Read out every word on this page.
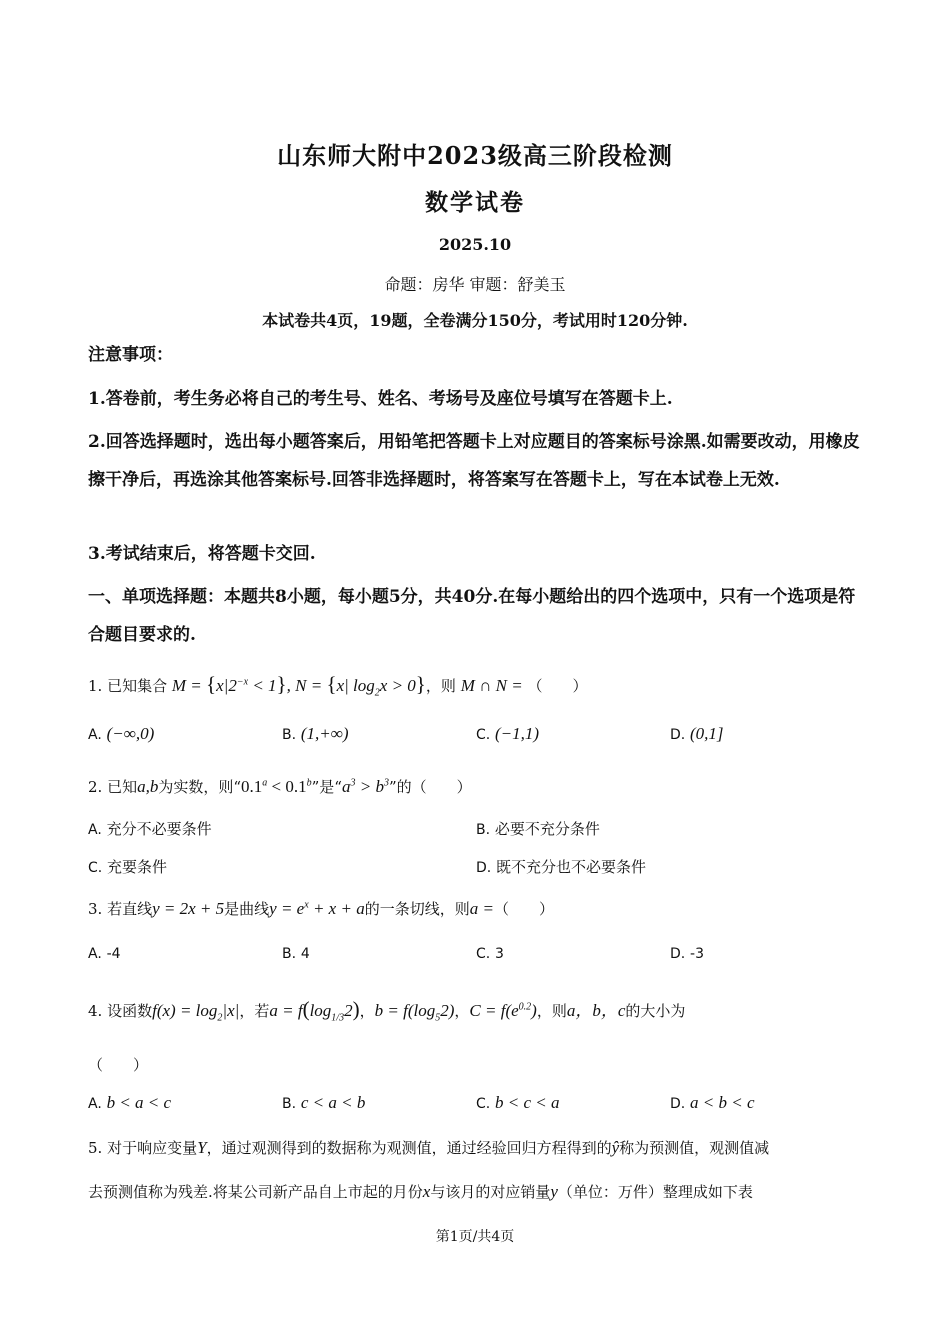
山东师大附中2023级高三阶段检测
数学试卷
2025.10
命题：房华 审题：舒美玉
本试卷共4页，19题，全卷满分150分，考试用时120分钟.
注意事项：
1.答卷前，考生务必将自己的考生号、姓名、考场号及座位号填写在答题卡上.
2.回答选择题时，选出每小题答案后，用铅笔把答题卡上对应题目的答案标号涂黑.如需要改动，用橡皮擦干净后，再选涂其他答案标号.回答非选择题时，将答案写在答题卡上，写在本试卷上无效.
3.考试结束后，将答题卡交回.
一、单项选择题：本题共8小题，每小题5分，共40分.在每小题给出的四个选项中，只有一个选项是符合题目要求的.
1. 已知集合 $M = \{x|2^{-x} < 1\}$, N = {x| $\log_2x > 0$}，则 M ∩ N = （　　）
A. (−∞,0)	B. (1,+∞)	C. (−1,1)	D. (0,1]
2. 已知a,b为实数，则“0.1$^a$ < 0.1$^b$”是“$a^3 > b^3$”的（　　）
A. 充分不必要条件	B. 必要不充分条件
C. 充要条件	D. 既不充分也不必要条件
3. 若直线y = 2x + 5是曲线$y = e^x + x + a$的一条切线，则a =（　　）
A. -4	B. 4	C. 3	D. -3
4. 设函数$f(x) = \log_2|x|$，若$a = f(\log_{1/3}2)$，$b = f(\log_52)$，$C = f(e^{0.2})$，则a，b，c的大小为
（　　）
A. b < a < c	B. c < a < b	C. b < c < a	D. a < b < c
5. 对于响应变量Y，通过观测得到的数据称为观测值，通过经验回归方程得到的ŷ称为预测值，观测值减
去预测值称为残差.将某公司新产品自上市起的月份x与该月的对应销量y（单位：万件）整理成如下表
第1页/共4页
